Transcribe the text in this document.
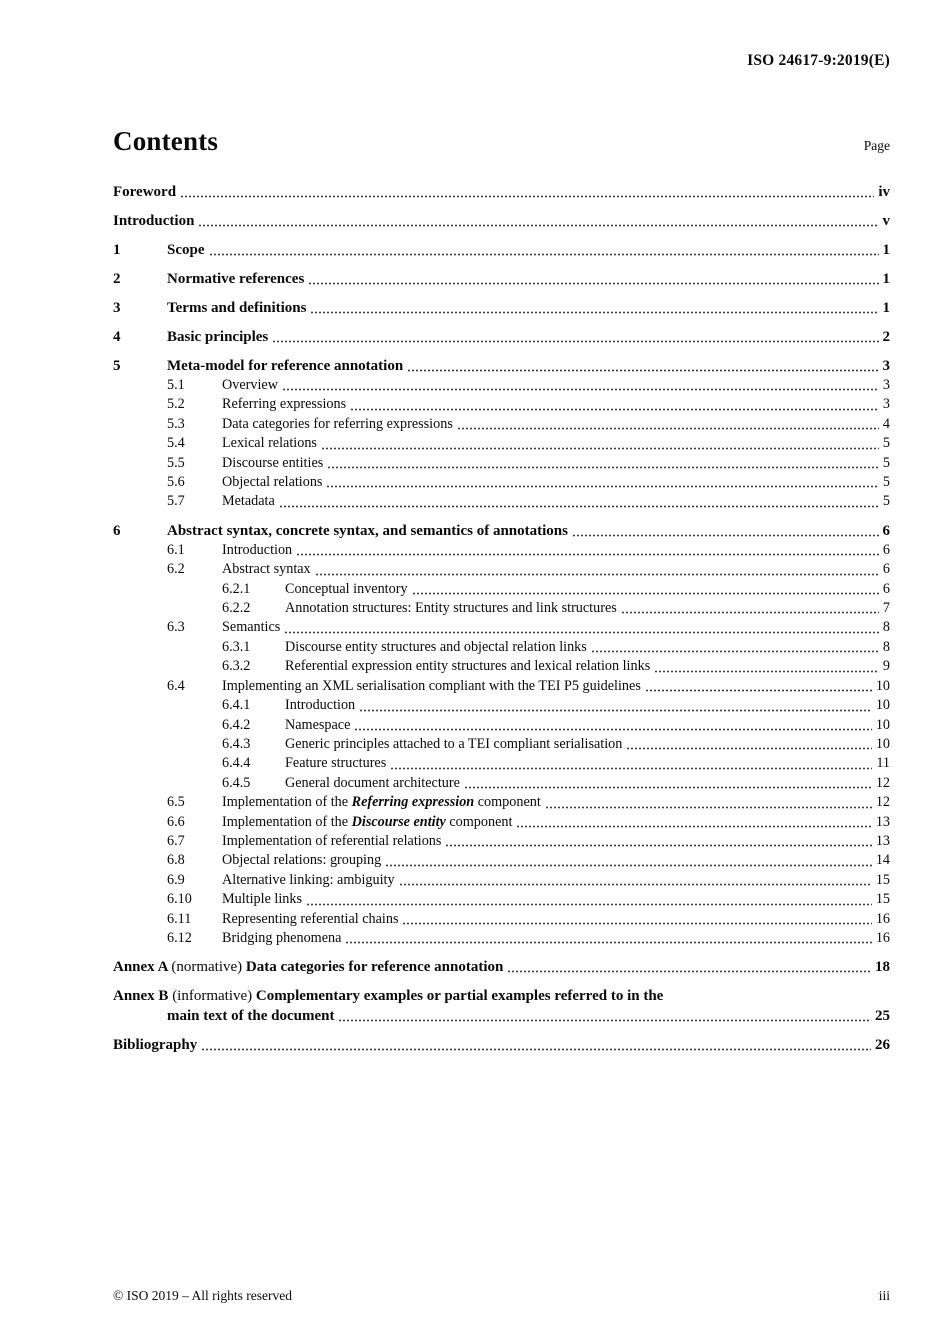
ISO 24617-9:2019(E)
Contents	Page
Foreword	iv
Introduction	v
1	Scope	1
2	Normative references	1
3	Terms and definitions	1
4	Basic principles	2
5	Meta-model for reference annotation	3
5.1	Overview	3
5.2	Referring expressions	3
5.3	Data categories for referring expressions	4
5.4	Lexical relations	5
5.5	Discourse entities	5
5.6	Objectal relations	5
5.7	Metadata	5
6	Abstract syntax, concrete syntax, and semantics of annotations	6
6.1	Introduction	6
6.2	Abstract syntax	6
6.2.1	Conceptual inventory	6
6.2.2	Annotation structures: Entity structures and link structures	7
6.3	Semantics	8
6.3.1	Discourse entity structures and objectal relation links	8
6.3.2	Referential expression entity structures and lexical relation links	9
6.4	Implementing an XML serialisation compliant with the TEI P5 guidelines	10
6.4.1	Introduction	10
6.4.2	Namespace	10
6.4.3	Generic principles attached to a TEI compliant serialisation	10
6.4.4	Feature structures	11
6.4.5	General document architecture	12
6.5	Implementation of the Referring expression component	12
6.6	Implementation of the Discourse entity component	13
6.7	Implementation of referential relations	13
6.8	Objectal relations: grouping	14
6.9	Alternative linking: ambiguity	15
6.10	Multiple links	15
6.11	Representing referential chains	16
6.12	Bridging phenomena	16
Annex A (normative) Data categories for reference annotation	18
Annex B (informative) Complementary examples or partial examples referred to in the
main text of the document	25
Bibliography	26
© ISO 2019 – All rights reserved	iii
